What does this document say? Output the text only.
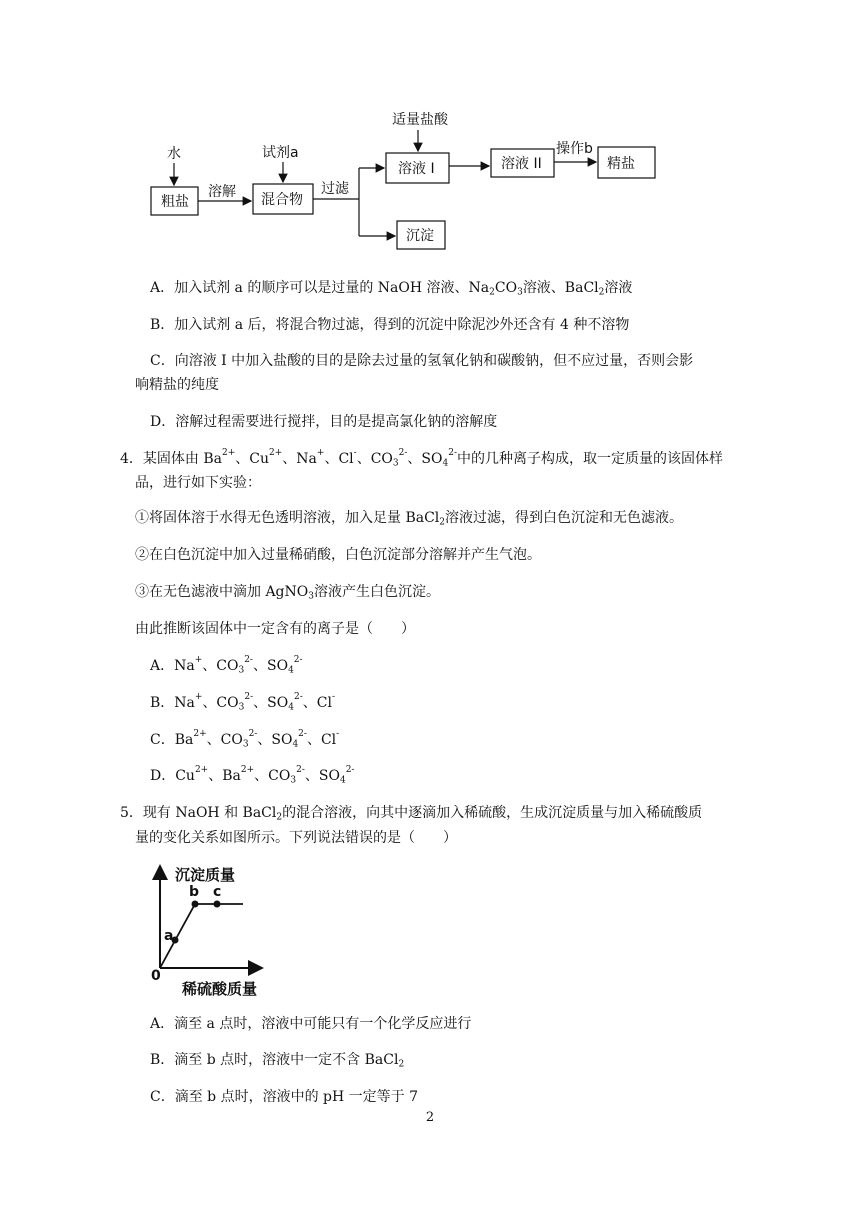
水	试剂a
适量盐酸
粗盐
溶解 混合物
过滤
溶液 I	溶液 II
操作b
精盐
沉淀
A．加入试剂 a 的顺序可以是过量的 NaOH 溶液、$Na_2CO_3$溶液、BaCl$_2$溶液
B．加入试剂 a 后，将混合物过滤，得到的沉淀中除泥沙外还含有 4 种不溶物
C．向溶液 I 中加入盐酸的目的是除去过量的氢氧化钠和碳酸钠，但不应过量，否则会影
响精盐的纯度
D．溶解过程需要进行搅拌，目的是提高氯化钠的溶解度
4．某固体由 $Ba^{2+}$、$Cu^{2+}$、Na+、Cl-、$CO_3^{2-}$、$SO_4^{2-}$中的几种离子构成，取一定质量的该固体样
品，进行如下实验：
①将固体溶于水得无色透明溶液，加入足量 BaCl$_2$溶液过滤，得到白色沉淀和无色滤液。
②在白色沉淀中加入过量稀硝酸，白色沉淀部分溶解并产生气泡。
③在无色滤液中滴加 AgNO$_3$溶液产生白色沉淀。
由此推断该固体中一定含有的离子是（　　）
A．Na+、$CO_3^{2-}$、$SO_4^{2-}$
B．Na+、$CO_3^{2-}$、$SO_4^{2-}$、Cl-
C．$Ba^{2+}$、$CO_3^{2-}$、$SO_4^{2-}$、Cl-
D．$Cu^{2+}$、$Ba^{2+}$、$CO_3^{2-}$、$SO_4^{2-}$
5．现有 NaOH 和 BaCl$_2$的混合溶液，向其中逐滴加入稀硫酸，生成沉淀质量与加入稀硫酸质
量的变化关系如图所示。下列说法错误的是（　　）
沉淀质量
稀硫酸质量
0
a
b c
A．滴至 a 点时，溶液中可能只有一个化学反应进行
B．滴至 b 点时，溶液中一定不含 BaCl$_2$
C．滴至 b 点时，溶液中的 pH 一定等于 7
2
